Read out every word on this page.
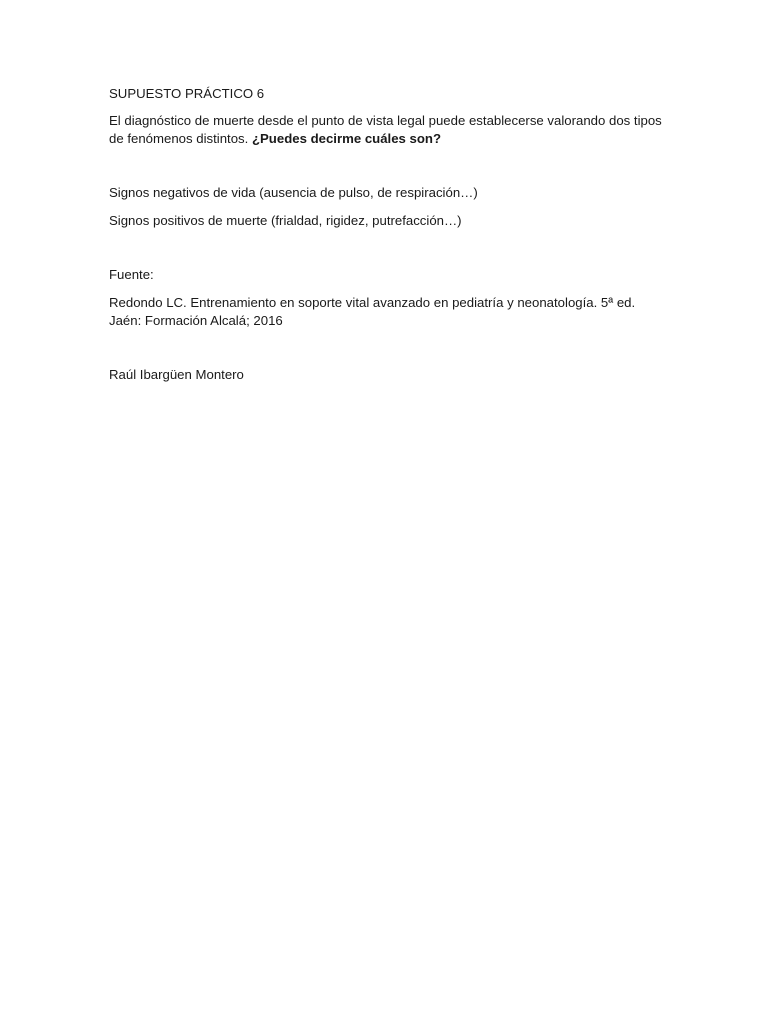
SUPUESTO PRÁCTICO 6

El diagnóstico de muerte desde el punto de vista legal puede establecerse valorando dos tipos de fenómenos distintos. ¿Puedes decirme cuáles son?

Signos negativos de vida (ausencia de pulso, de respiración…)

Signos positivos de muerte (frialdad, rigidez, putrefacción…)

Fuente:

Redondo LC. Entrenamiento en soporte vital avanzado en pediatría y neonatología. 5ª ed. Jaén: Formación Alcalá; 2016

Raúl Ibargüen Montero
